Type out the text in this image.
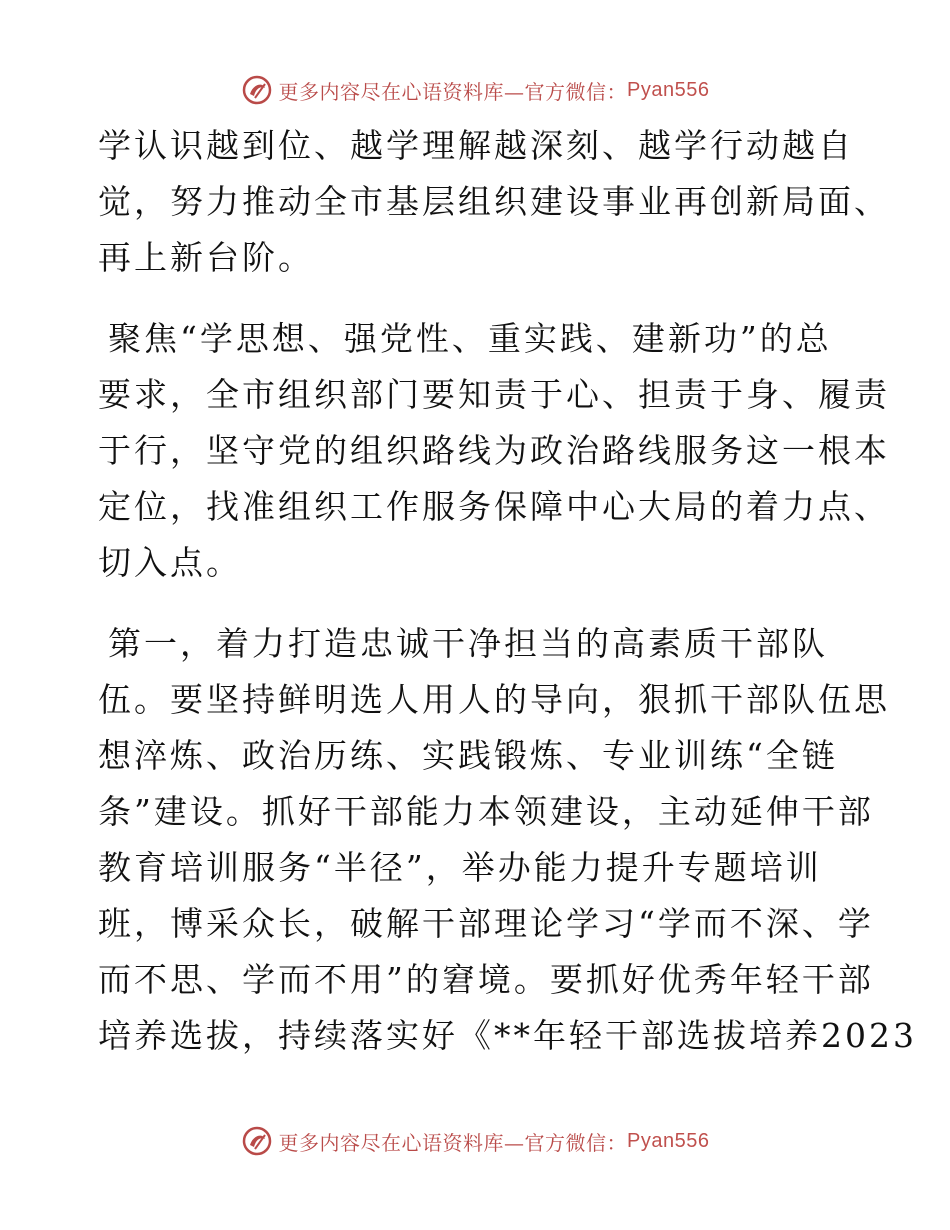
更多内容尽在心语资料库—官方微信： Pyan556
学认识越到位、越学理解越深刻、越学行动越自
觉，努力推动全市基层组织建设事业再创新局面、
再上新台阶。
聚焦“学思想、强党性、重实践、建新功”的总
要求，全市组织部门要知责于心、担责于身、履责
于行，坚守党的组织路线为政治路线服务这一根本
定位，找准组织工作服务保障中心大局的着力点、
切入点。
第一，着力打造忠诚干净担当的高素质干部队
伍。要坚持鲜明选人用人的导向，狠抓干部队伍思
想淬炼、政治历练、实践锻炼、专业训练“全链
条”建设。抓好干部能力本领建设，主动延伸干部
教育培训服务“半径”，举办能力提升专题培训
班，博采众长，破解干部理论学习“学而不深、学
而不思、学而不用”的窘境。要抓好优秀年轻干部
培养选拔，持续落实好《**年轻干部选拔培养2023
更多内容尽在心语资料库—官方微信： Pyan556
